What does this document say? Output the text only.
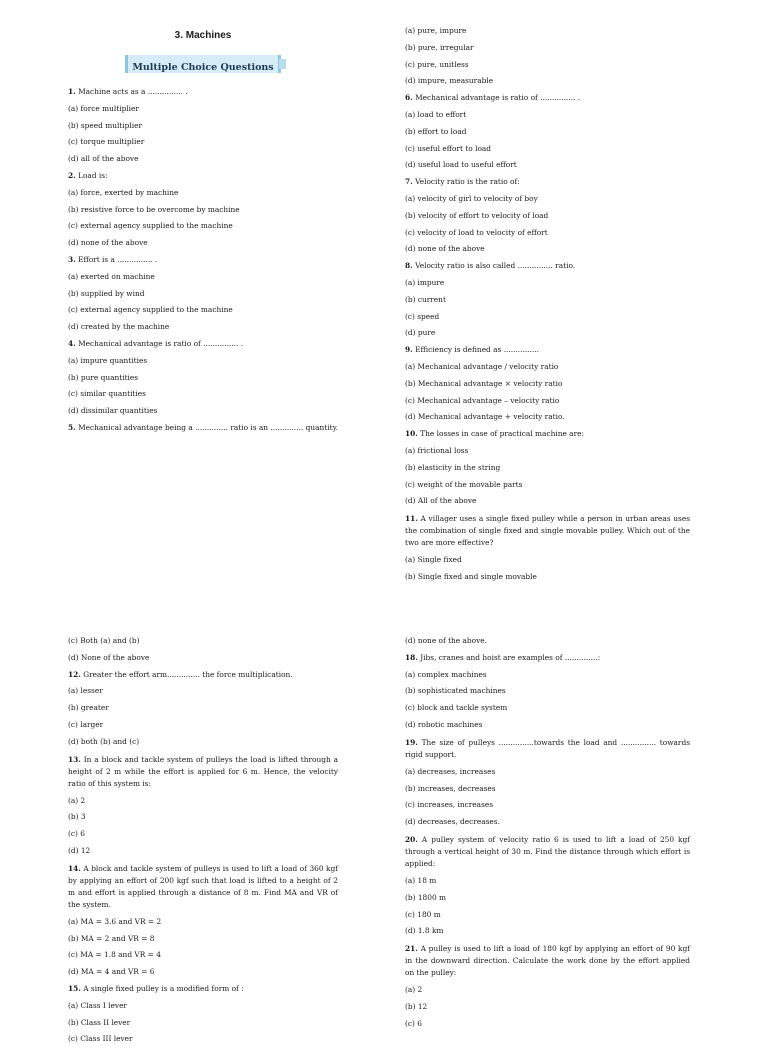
3. Machines
Multiple Choice Questions
1. Machine acts as a ............... .
(a) force multiplier
(b) speed multiplier
(c) torque multiplier
(d) all of the above
2. Load is:
(a) force, exerted by machine
(b) resistive force to be overcome by machine
(c) external agency supplied to the machine
(d) none of the above
3. Effort is a ............... .
(a) exerted on machine
(b) supplied by wind
(c) external agency supplied to the machine
(d) created by the machine
4. Mechanical advantage is ratio of ............... .
(a) impure quantities
(b) pure quantities
(c) similar quantities
(d) dissimilar quantities
5. Mechanical advantage being a .............. ratio is an .............. quantity.
(a) pure, impure
(b) pure, irregular
(c) pure, unitless
(d) impure, measurable
6. Mechanical advantage is ratio of ............... .
(a) load to effort
(b) effort to load
(c) useful effort to load
(d) useful load to useful effort
7. Velocity ratio is the ratio of:
(a) velocity of girl to velocity of boy
(b) velocity of effort to velocity of load
(c) velocity of load to velocity of effort
(d) none of the above
8. Velocity ratio is also called ............... ratio.
(a) impure
(b) current
(c) speed
(d) pure
9. Efficiency is defined as ...............
(a) Mechanical advantage / velocity ratio
(b) Mechanical advantage × velocity ratio
(c) Mechanical advantage – velocity ratio
(d) Mechanical advantage + velocity ratio.
10. The losses in case of practical machine are:
(a) frictional loss
(b) elasticity in the string
(c) weight of the movable parts
(d) All of the above
11. A villager uses a single fixed pulley while a person in urban areas uses the combination of single fixed and single movable pulley. Which out of the two are more effective?
(a) Single fixed
(b) Single fixed and single movable
(c) Both (a) and (b)
(d) None of the above
12. Greater the effort arm.............. the force multiplication.
(a) lesser
(b) greater
(c) larger
(d) both (b) and (c)
13. In a block and tackle system of pulleys the load is lifted through a height of 2 m while the effort is applied for 6 m. Hence, the velocity ratio of this system is:
(a) 2
(b) 3
(c) 6
(d) 12
14. A block and tackle system of pulleys is used to lift a load of 360 kgf by applying an effort of 200 kgf such that load is lifted to a height of 2 m and effort is applied through a distance of 8 m. Find MA and VR of the system.
(a) MA = 3.6 and VR = 2
(b) MA = 2 and VR = 8
(c) MA = 1.8 and VR = 4
(d) MA = 4 and VR = 6
15. A single fixed pulley is a modified form of :
(a) Class I lever
(b) Class II lever
(c) Class III lever
(d) none of the above.
18. Jibs, cranes and hoist are examples of ..............:
(a) complex machines
(b) sophisticated machines
(c) block and tackle system
(d) robotic machines
19. The size of pulleys ...............towards the load and ............... towards rigid support.
(a) decreases, increases
(b) increases, decreases
(c) increases, increases
(d) decreases, decreases.
20. A pulley system of velocity ratio 6 is used to lift a load of 250 kgf through a vertical height of 30 m. Find the distance through which effort is applied:
(a) 18 m
(b) 1800 m
(c) 180 m
(d) 1.8 km
21. A pulley is used to lift a load of 180 kgf by applying an effort of 90 kgf in the downward direction. Calculate the work done by the effort applied on the pulley:
(a) 2
(b) 12
(c) 6
